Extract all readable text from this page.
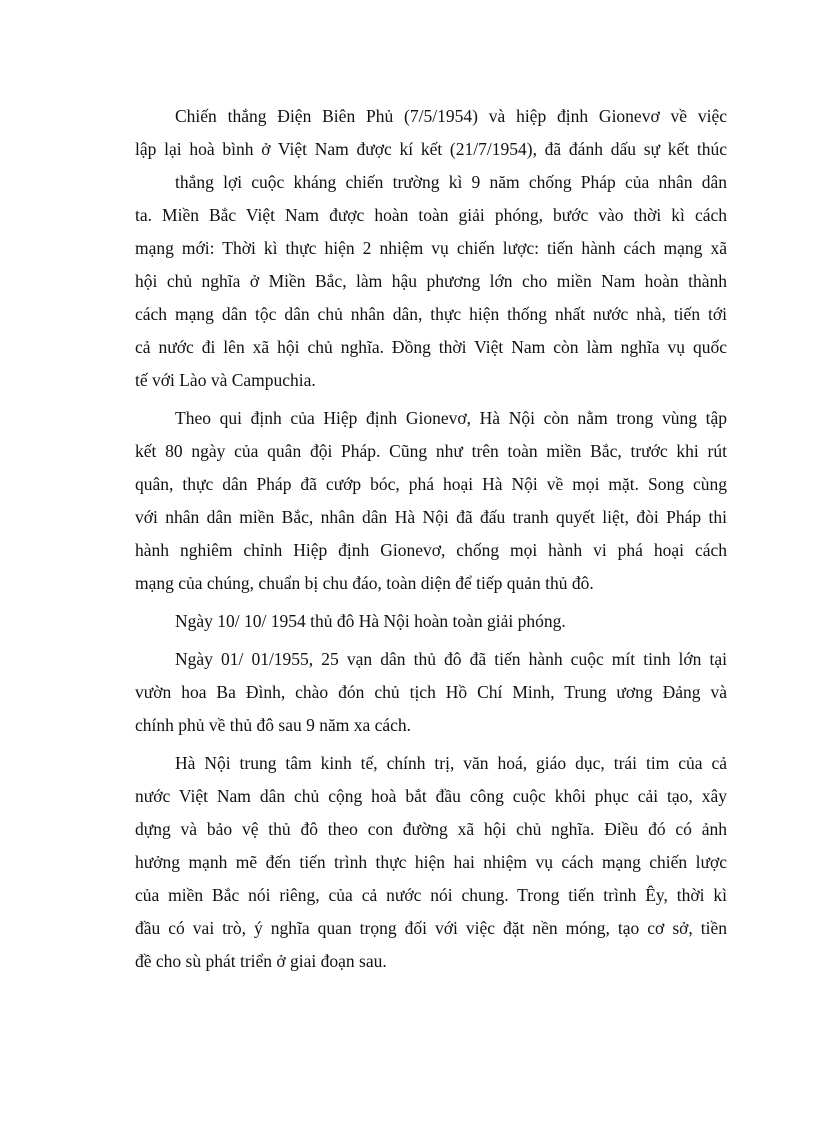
Chiến thắng Điện Biên Phủ (7/5/1954) và hiệp định Gionevơ về việc
lập lại hoà bình ở Việt Nam được kí kết (21/7/1954), đã đánh dấu sự kết thúc
thắng lợi cuộc kháng chiến trường kì 9 năm chống Pháp của nhân dân
ta. Miền Bắc Việt Nam được hoàn toàn giải phóng, bước vào thời kì cách
mạng mới: Thời kì thực hiện 2 nhiệm vụ chiến lược: tiến hành cách mạng xã
hội chủ nghĩa ở Miền Bắc, làm hậu phương lớn cho miền Nam hoàn thành
cách mạng dân tộc dân chủ nhân dân, thực hiện thống nhất nước nhà, tiến tới
cả nước đi lên xã hội chủ nghĩa. Đồng thời Việt Nam còn làm nghĩa vụ quốc
tế với Lào và Campuchia.
Theo qui định của Hiệp định Gionevơ, Hà Nội còn nằm trong vùng tập
kết 80 ngày của quân đội Pháp. Cũng như trên toàn miền Bắc, trước khi rút
quân, thực dân Pháp đã cướp bóc, phá hoại Hà Nội về mọi mặt. Song cùng
với nhân dân miền Bắc, nhân dân Hà Nội đã đấu tranh quyết liệt, đòi Pháp thi
hành nghiêm chỉnh Hiệp định Gionevơ, chống mọi hành vi phá hoại cách
mạng của chúng, chuẩn bị chu đáo, toàn diện để tiếp quản thủ đô.
Ngày 10/ 10/ 1954 thủ đô Hà Nội hoàn toàn giải phóng.
Ngày 01/ 01/1955, 25 vạn dân thủ đô đã tiến hành cuộc mít tinh lớn tại
vườn hoa Ba Đình, chào đón chủ tịch Hồ Chí Minh, Trung ương Đảng và
chính phủ về thủ đô sau 9 năm xa cách.
Hà Nội trung tâm kinh tế, chính trị, văn hoá, giáo dục, trái tim của cả
nước Việt Nam dân chủ cộng hoà bắt đầu công cuộc khôi phục cải tạo, xây
dựng và bảo vệ thủ đô theo con đường xã hội chủ nghĩa. Điều đó có ảnh
hưởng mạnh mẽ đến tiến trình thực hiện hai nhiệm vụ cách mạng chiến lược
của miền Bắc nói riêng, của cả nước nói chung. Trong tiến trình Êy, thời kì
đầu có vai trò, ý nghĩa quan trọng đối với việc đặt nền móng, tạo cơ sở, tiền
đề cho sù phát triển ở giai đoạn sau.
